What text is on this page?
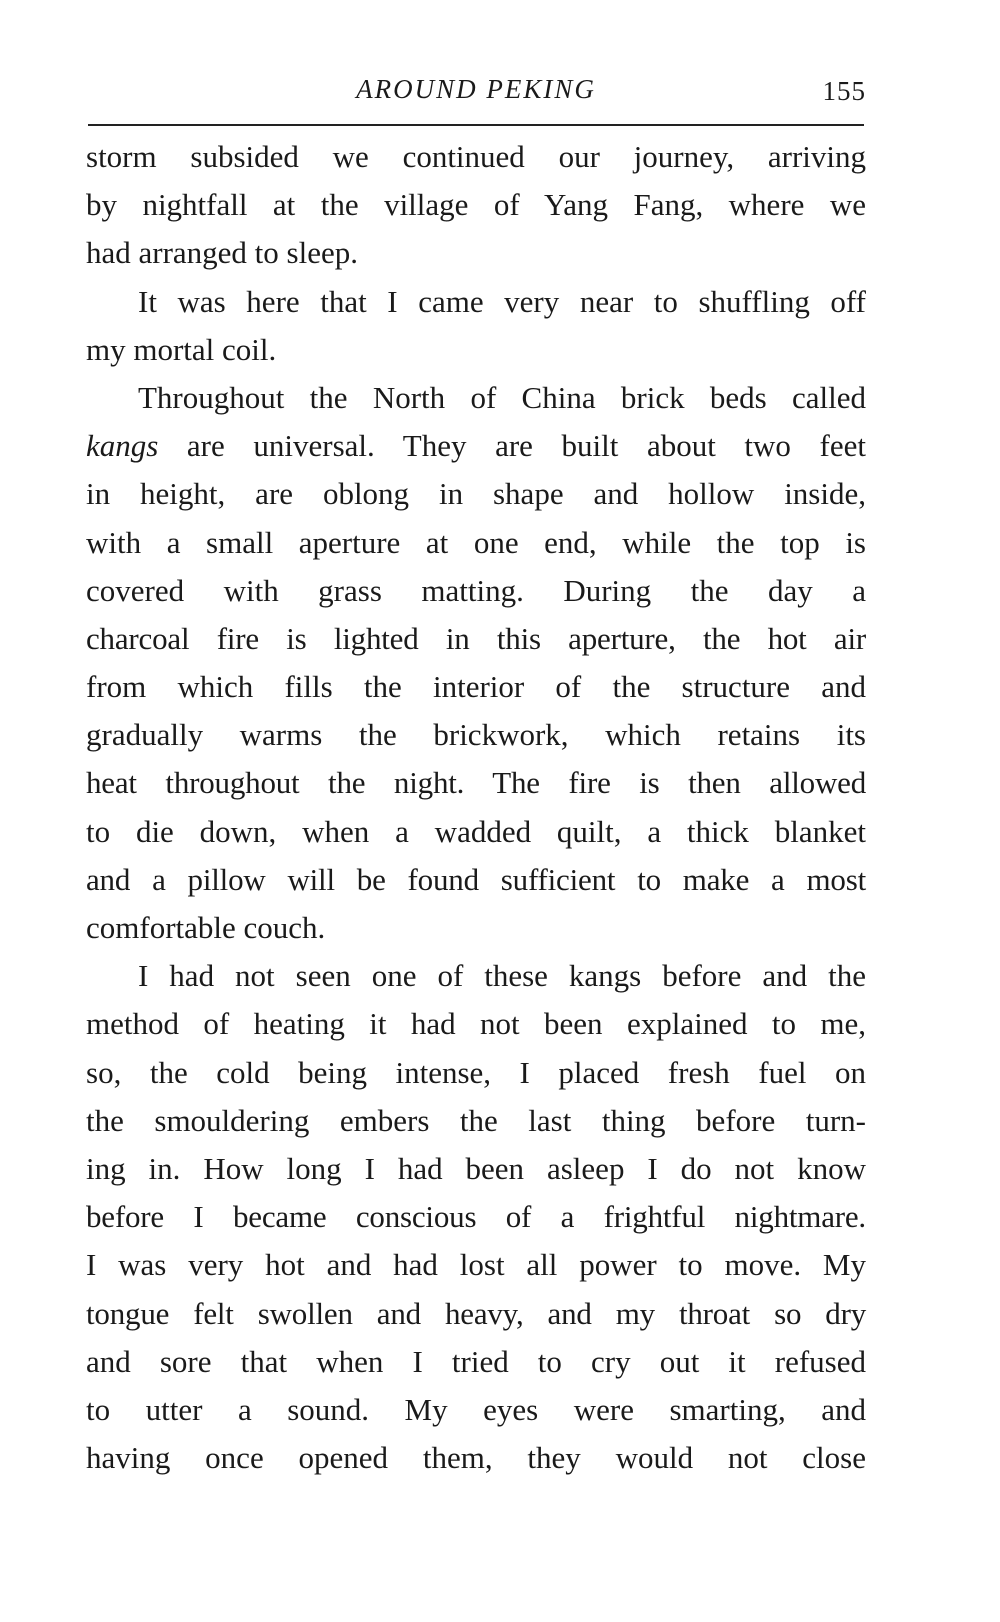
AROUND PEKING	155
storm subsided we continued our journey, arriving
by nightfall at the village of Yang Fang, where we
had arranged to sleep.
It was here that I came very near to shuffling off
my mortal coil.
Throughout the North of China brick beds called
kangs are universal. They are built about two feet
in height, are oblong in shape and hollow inside,
with a small aperture at one end, while the top is
covered with grass matting. During the day a
charcoal fire is lighted in this aperture, the hot air
from which fills the interior of the structure and
gradually warms the brickwork, which retains its
heat throughout the night. The fire is then allowed
to die down, when a wadded quilt, a thick blanket
and a pillow will be found sufficient to make a most
comfortable couch.
I had not seen one of these kangs before and the
method of heating it had not been explained to me,
so, the cold being intense, I placed fresh fuel on
the smouldering embers the last thing before turn-
ing in. How long I had been asleep I do not know
before I became conscious of a frightful nightmare.
I was very hot and had lost all power to move. My
tongue felt swollen and heavy, and my throat so dry
and sore that when I tried to cry out it refused
to utter a sound. My eyes were smarting, and
having once opened them, they would not close
